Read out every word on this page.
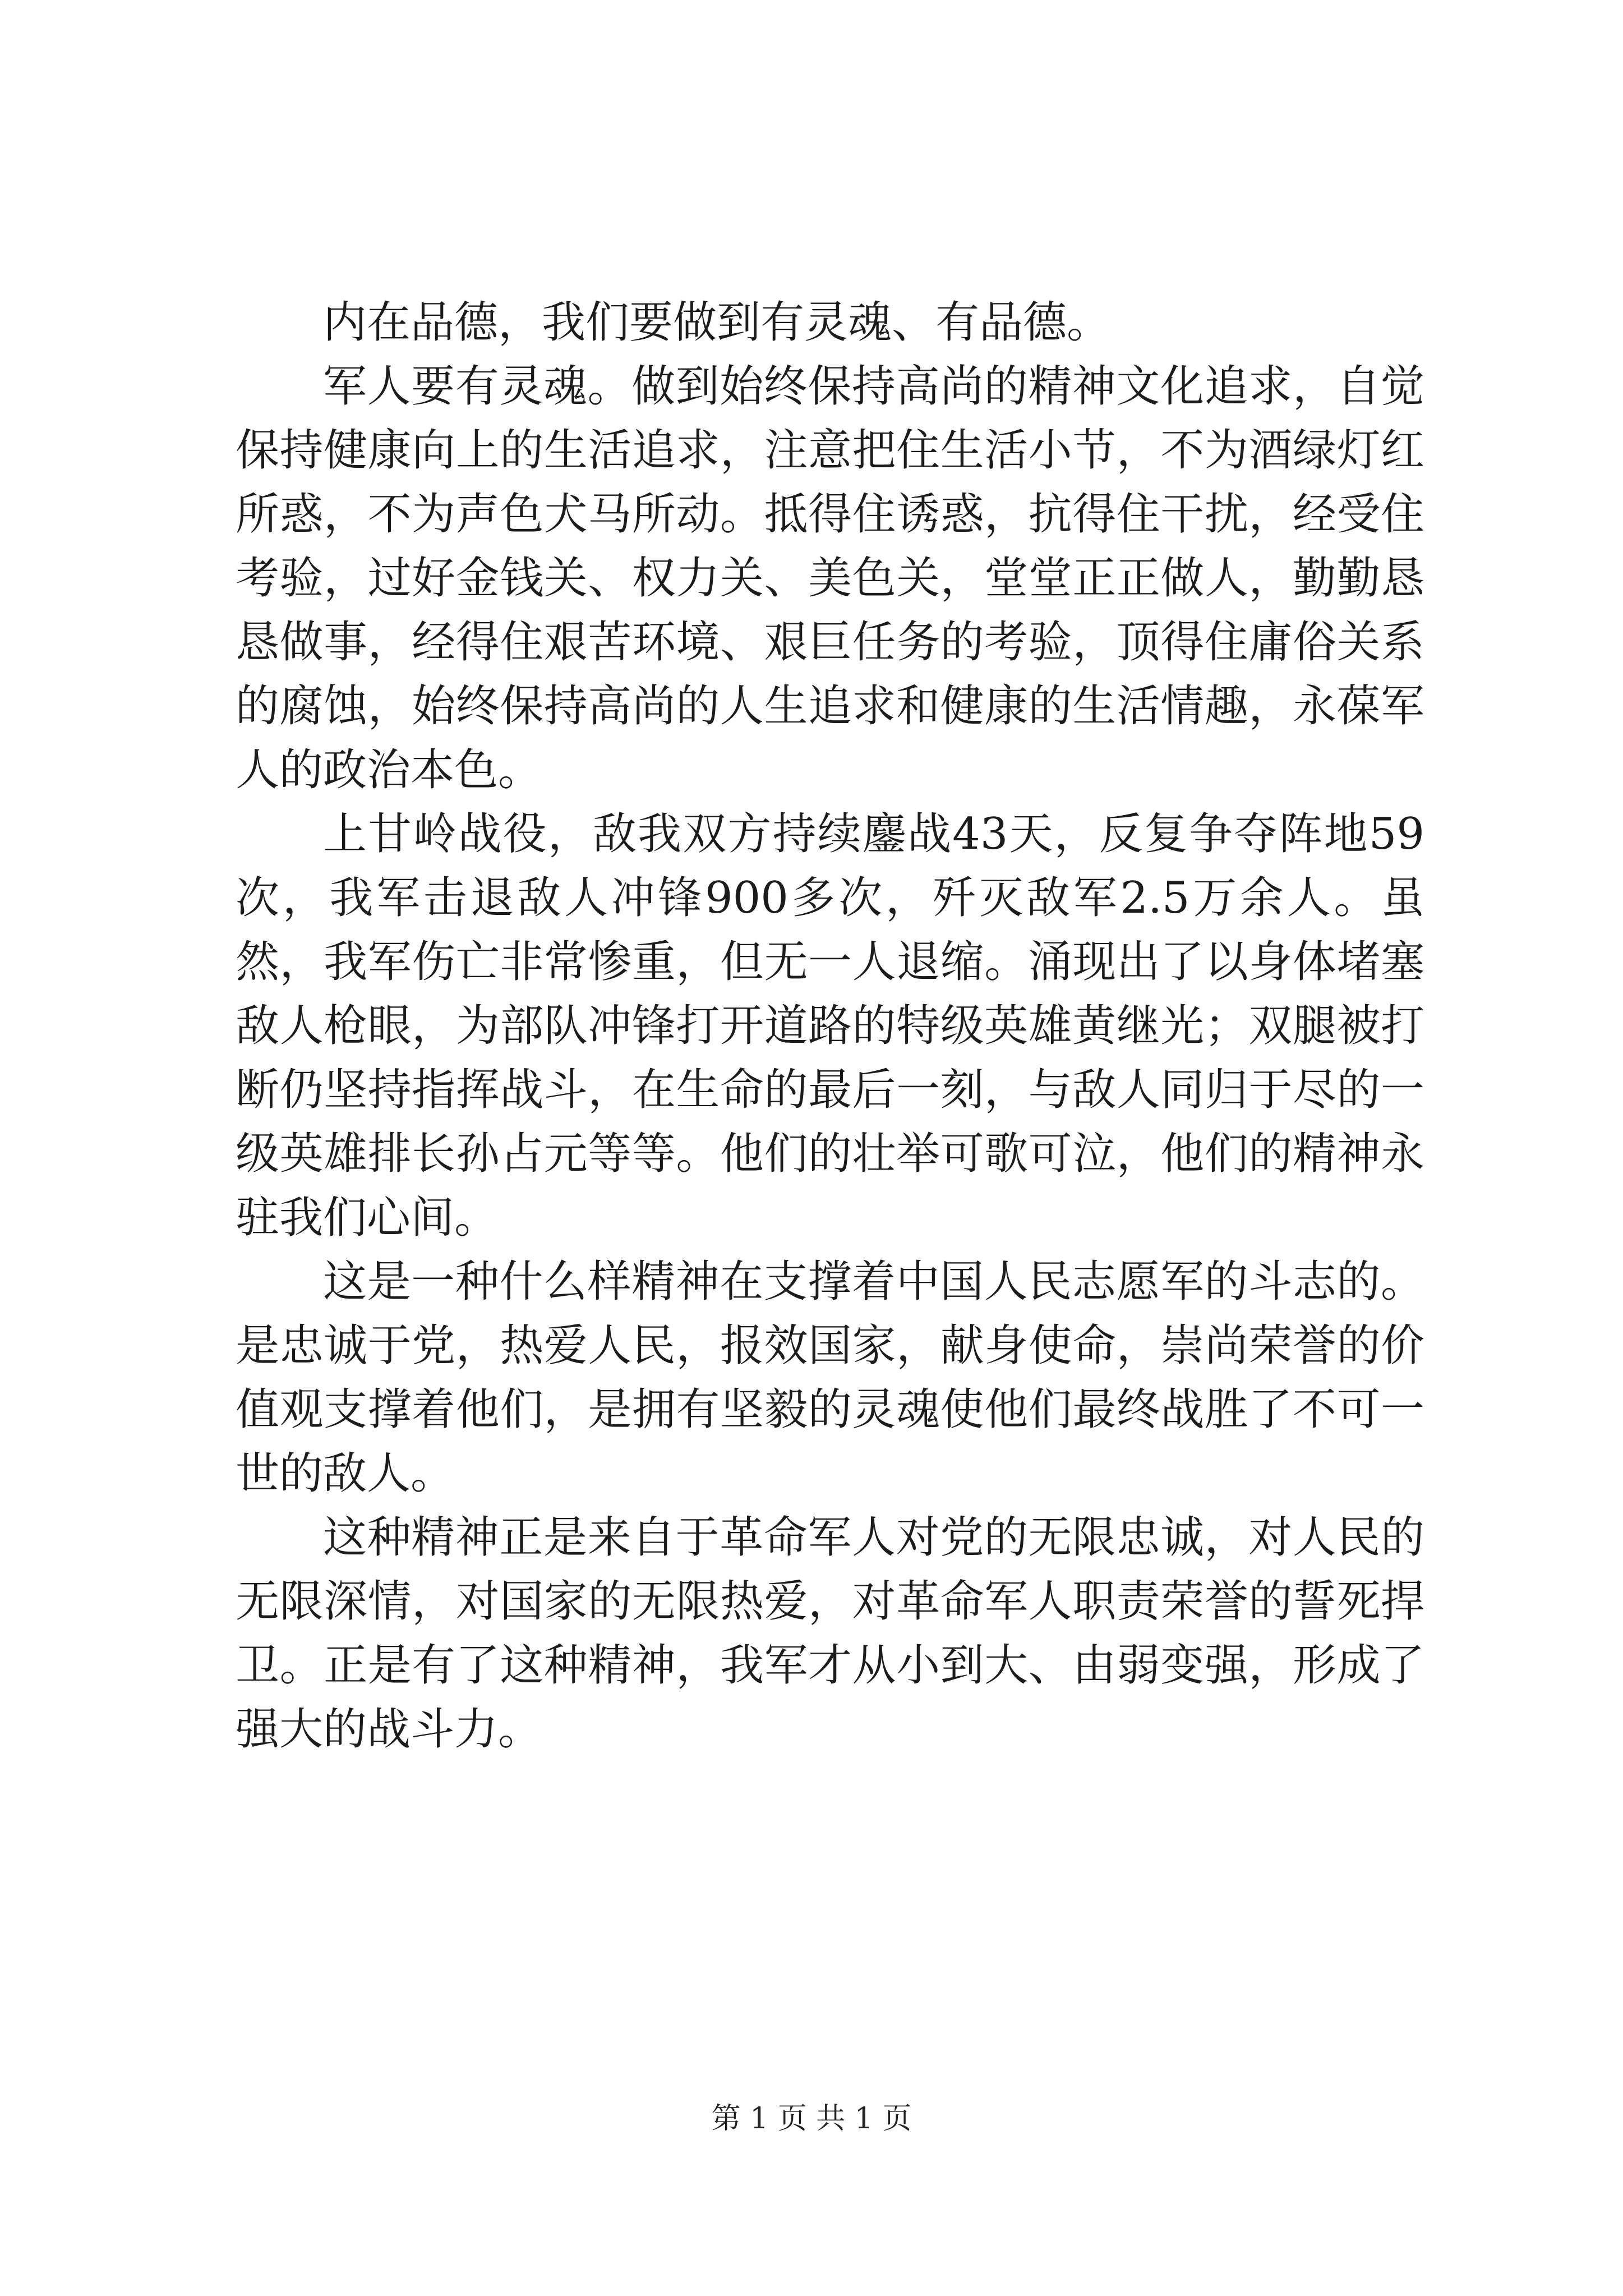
内在品德，我们要做到有灵魂、有品德。

军人要有灵魂。做到始终保持高尚的精神文化追求，自觉保持健康向上的生活追求，注意把住生活小节，不为酒绿灯红所惑，不为声色犬马所动。抵得住诱惑，抗得住干扰，经受住考验，过好金钱关、权力关、美色关，堂堂正正做人，勤勤恳恳做事，经得住艰苦环境、艰巨任务的考验，顶得住庸俗关系的腐蚀，始终保持高尚的人生追求和健康的生活情趣，永葆军人的政治本色。

上甘岭战役，敌我双方持续鏖战43天，反复争夺阵地59次，我军击退敌人冲锋900多次，歼灭敌军2.5万余人。虽然，我军伤亡非常惨重，但无一人退缩。涌现出了以身体堵塞敌人枪眼，为部队冲锋打开道路的特级英雄黄继光；双腿被打断仍坚持指挥战斗，在生命的最后一刻，与敌人同归于尽的一级英雄排长孙占元等等。他们的壮举可歌可泣，他们的精神永驻我们心间。

这是一种什么样精神在支撑着中国人民志愿军的斗志的。是忠诚于党，热爱人民，报效国家，献身使命，崇尚荣誉的价值观支撑着他们，是拥有坚毅的灵魂使他们最终战胜了不可一世的敌人。

这种精神正是来自于革命军人对党的无限忠诚，对人民的无限深情，对国家的无限热爱，对革命军人职责荣誉的誓死捍卫。正是有了这种精神，我军才从小到大、由弱变强，形成了强大的战斗力。

第 1 页 共 1 页
